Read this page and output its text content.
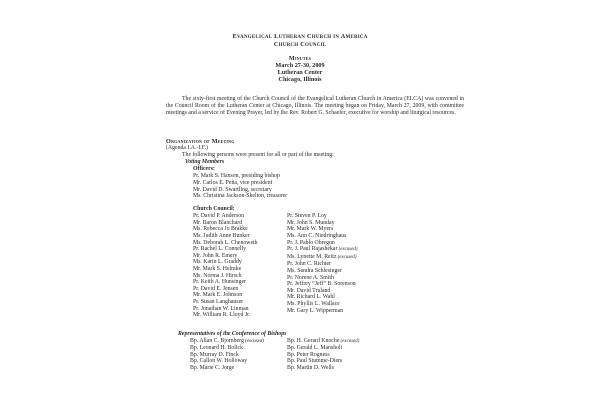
Evangelical Lutheran Church in America
Church Council
Minutes
March 27-30, 2009
Lutheran Center
Chicago, Illinois
The sixty-first meeting of the Church Council of the Evangelical Lutheran Church in America (ELCA) was convened in the Council Room of the Lutheran Center at Chicago, Illinois. The meeting began on Friday, March 27, 2009, with committee meetings and a service of Evening Prayer, led by the Rev. Robert G. Schaefer, executive for worship and liturgical resources.
Organization of Meeting
(Agenda I.A.-I.F.)
The following persons were present for all or part of the meeting:
Voting Members
Officers:
Pr. Mark S. Hanson, presiding bishop
Mr. Carlos E. Peña, vice president
Mr. David D. Swartling, secretary
Ms. Christina Jackson-Skelton, treasurer
Church Council:
Pr. David P. Anderson
Mr. Baron Blanchard
Ms. Rebecca Jo Brakke
Ms. Judith Anne Bunker
Ms. Deborah L. Chenoweth
Pr. Rachel L. Connelly
Mr. John R. Emery
Ms. Karin L. Graddy
Mr. Mark S. Helmke
Ms. Norma J. Hirsch
Pr. Keith A. Hunsinger
Pr. David E. Jensen
Mr. Mark E. Johnson
Pr. Susan Langhauser
Pr. Jonathan W. Linman
Mr. William R. Lloyd Jr.
Pr. Steven P. Loy
Mr. John S. Munday
Mr. Mark W. Myers
Ms. Ann C. Niedringhaus
Pr. J. Pablo Obregon
Pr. J. Paul Rajashekar (excused)
Ms. Lynette M. Reitz (excused)
Pr. John C. Richter
Ms. Sandra Schlesinger
Pr. Norene A. Smith
Pr. Jeffrey “Jeff” B. Sorenson
Mr. David Truland
Mr. Richard L. Wahl
Ms. Phyllis L. Wallace
Mr. Gary L. Wipperman
Representatives of the Conference of Bishops
Bp. Allan C. Bjornberg (excused)
Bp. Leonard H. Bolick
Bp. Murray D. Finck
Bp. Callon W. Holloway
Bp. Marie C. Jorge
Bp. H. Gerard Knoche (excused)
Bp. Gerald L. Mansholt
Bp. Peter Rogness
Bp. Paul Stumme-Diers
Bp. Martin D. Wells
